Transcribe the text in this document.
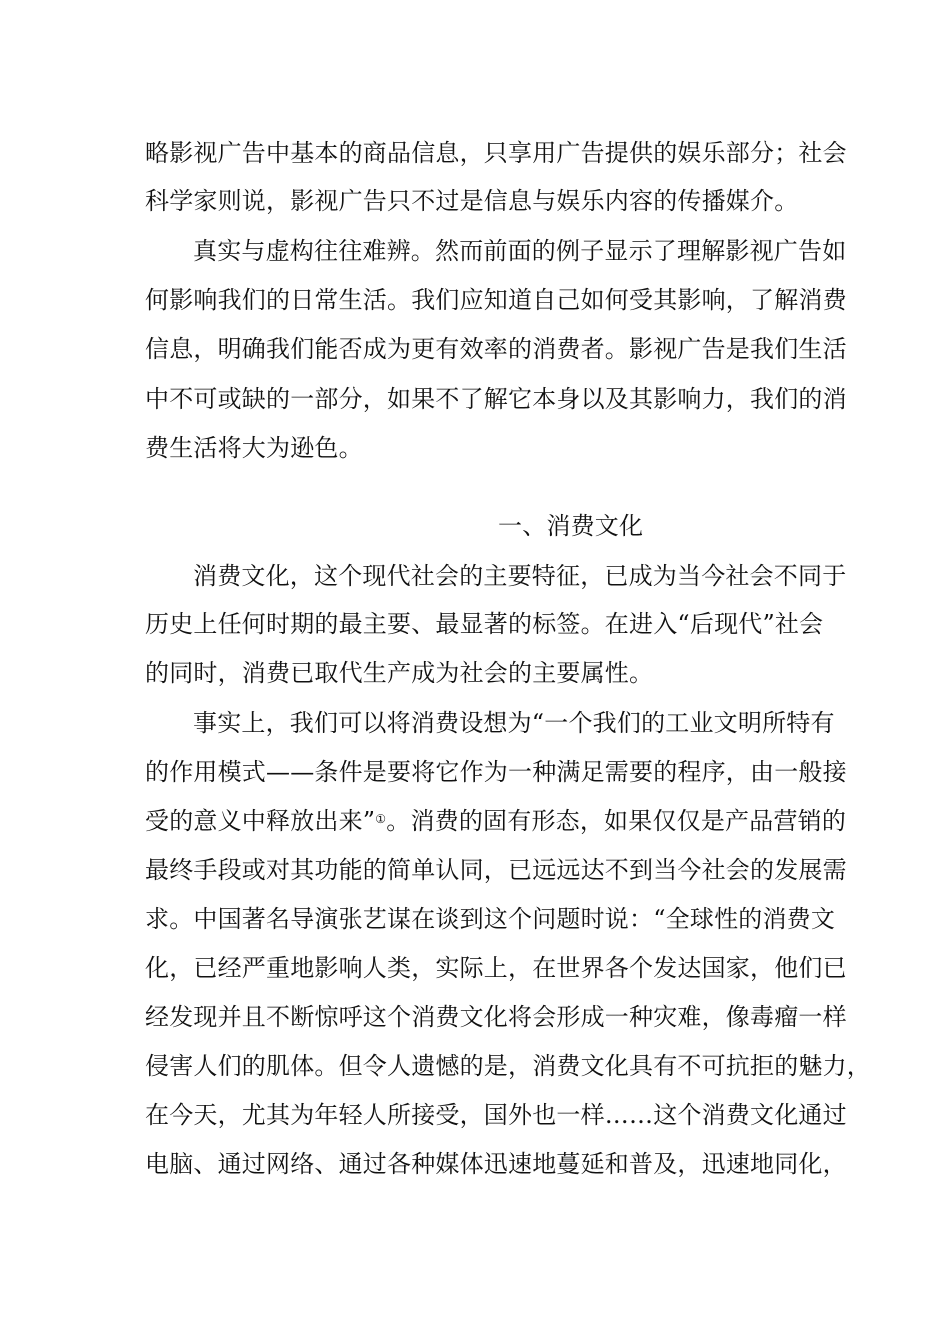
略影视广告中基本的商品信息，只享用广告提供的娱乐部分；社会
科学家则说，影视广告只不过是信息与娱乐内容的传播媒介。
真实与虚构往往难辨。然而前面的例子显示了理解影视广告如
何影响我们的日常生活。我们应知道自己如何受其影响，了解消费
信息，明确我们能否成为更有效率的消费者。影视广告是我们生活
中不可或缺的一部分，如果不了解它本身以及其影响力，我们的消
费生活将大为逊色。
一、消费文化
消费文化，这个现代社会的主要特征，已成为当今社会不同于
历史上任何时期的最主要、最显著的标签。在进入“后现代”社会
的同时，消费已取代生产成为社会的主要属性。
事实上，我们可以将消费设想为“一个我们的工业文明所特有
的作用模式——条件是要将它作为一种满足需要的程序，由一般接
受的意义中释放出来”①。消费的固有形态，如果仅仅是产品营销的
最终手段或对其功能的简单认同，已远远达不到当今社会的发展需
求。中国著名导演张艺谋在谈到这个问题时说：“全球性的消费文
化，已经严重地影响人类，实际上，在世界各个发达国家，他们已
经发现并且不断惊呼这个消费文化将会形成一种灾难，像毒瘤一样
侵害人们的肌体。但令人遗憾的是，消费文化具有不可抗拒的魅力，
在今天，尤其为年轻人所接受，国外也一样……这个消费文化通过
电脑、通过网络、通过各种媒体迅速地蔓延和普及，迅速地同化，
